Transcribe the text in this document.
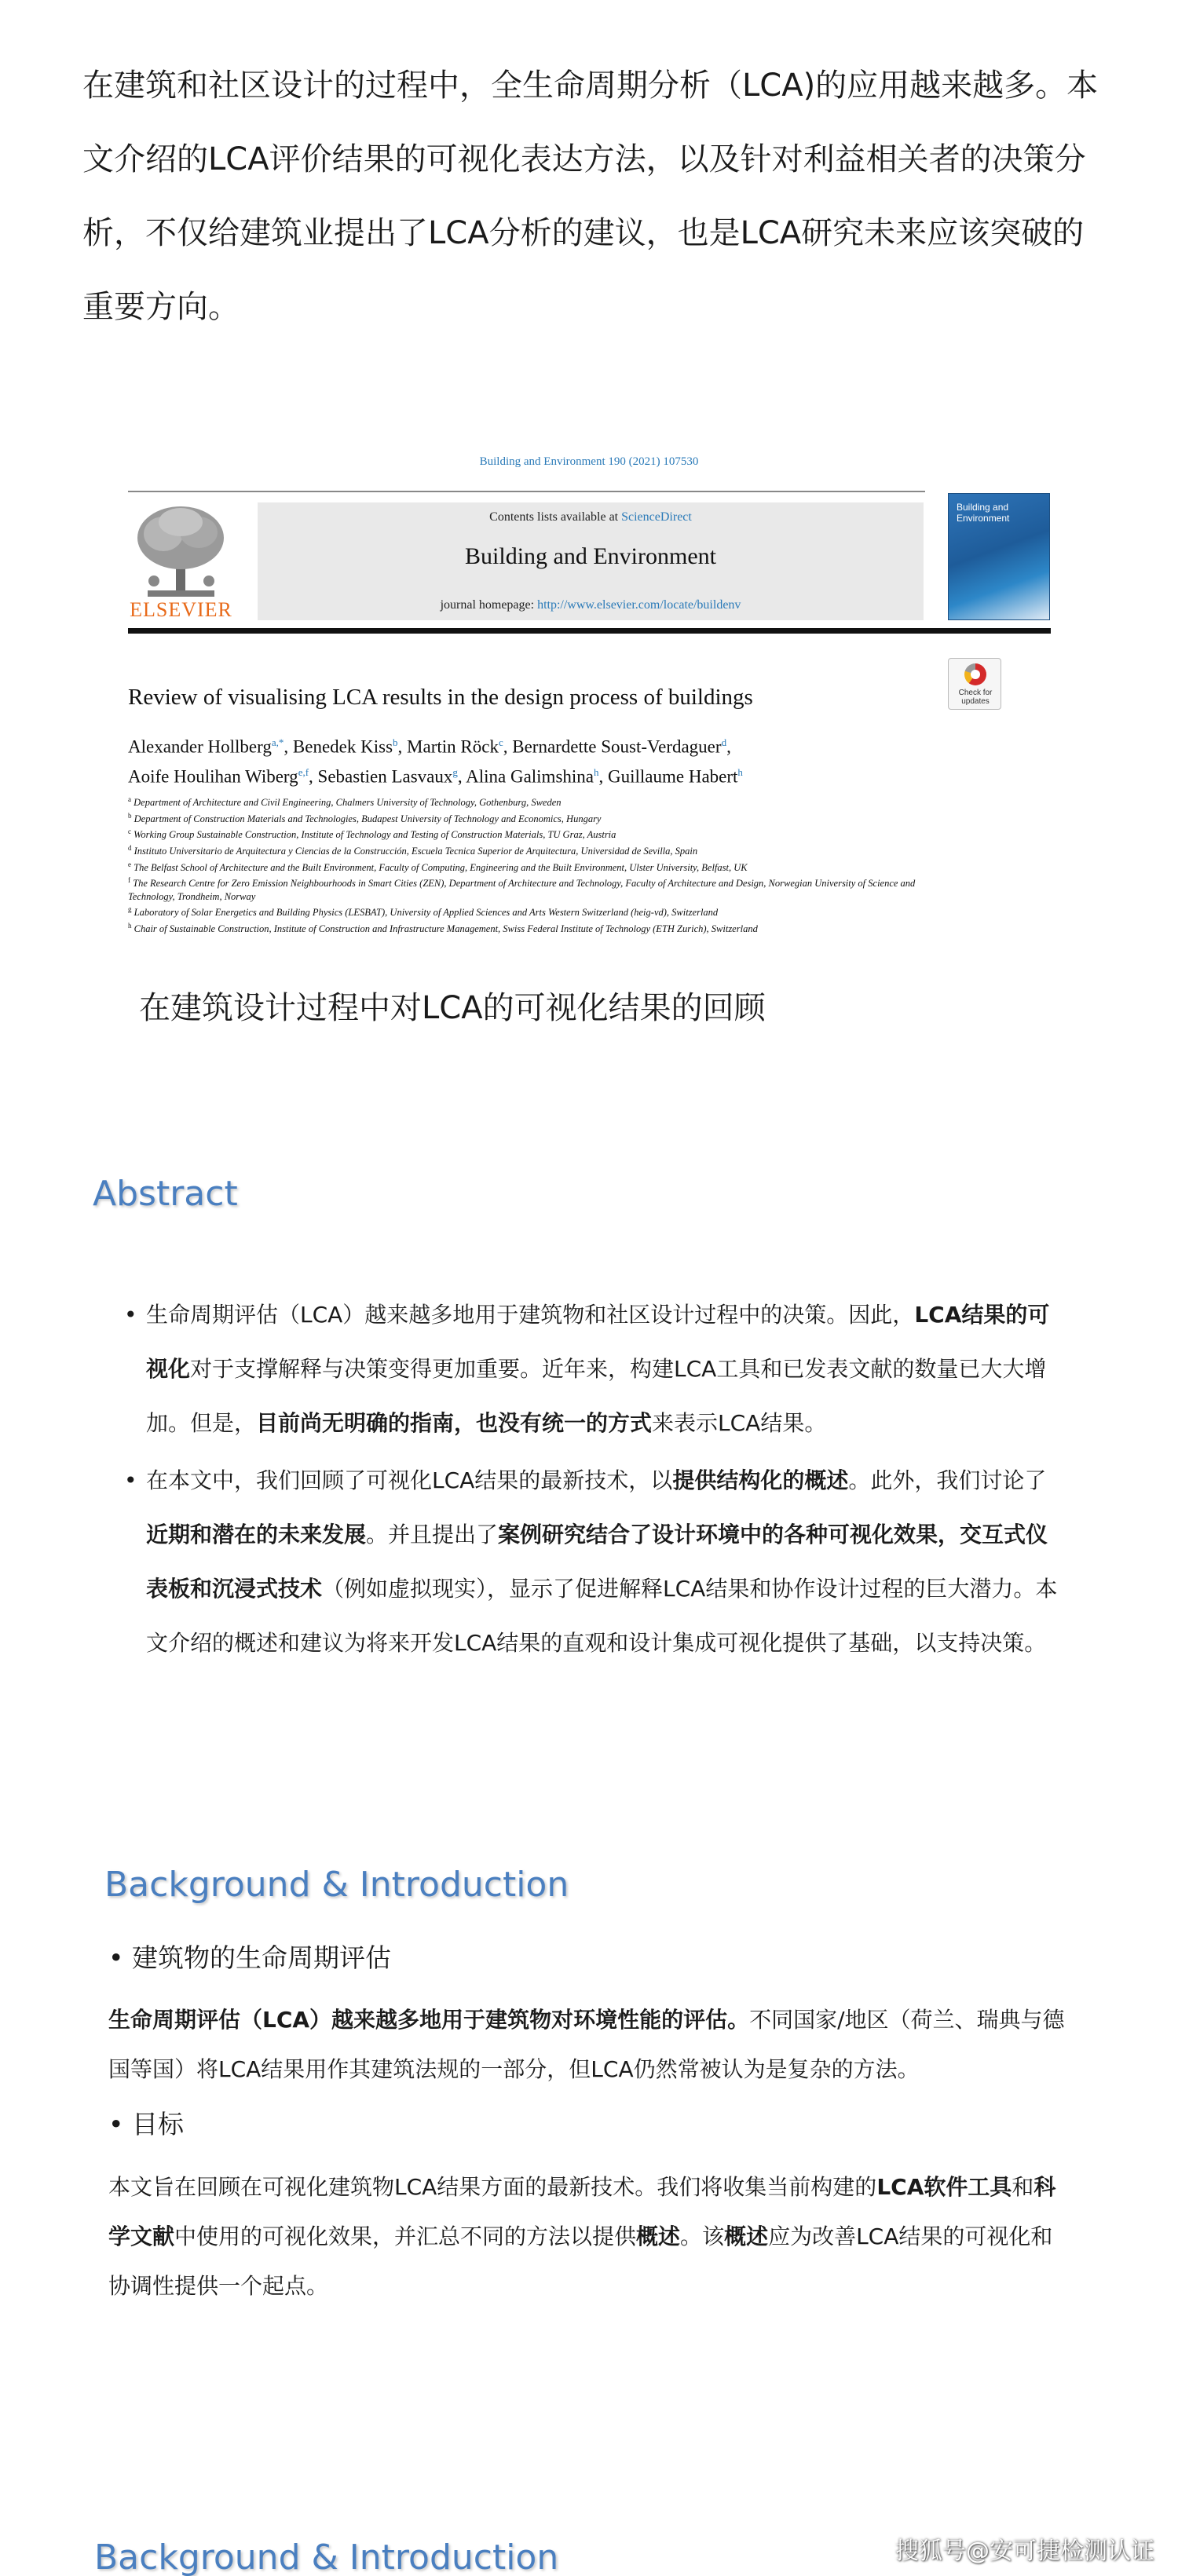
在建筑和社区设计的过程中，全生命周期分析（LCA)的应用越来越多。本文介绍的LCA评价结果的可视化表达方法，以及针对利益相关者的决策分析，不仅给建筑业提出了LCA分析的建议，也是LCA研究未来应该突破的重要方向。
Building and Environment 190 (2021) 107530
ELSEVIER
Contents lists available at ScienceDirect
Building and Environment
journal homepage: http://www.elsevier.com/locate/buildenv
Building and Environment
Review of visualising LCA results in the design process of buildings	Check for updates
Alexander Hollberg$^{a,*}$, Benedek Kiss$^b$, Martin Röck$^c$, Bernardette Soust-Verdaguer$^d$,
Aoife Houlihan Wiberg$^{e,f}$, Sebastien Lasvaux$^g$, Alina Galimshina$^h$, Guillaume Habert$^h$
$^a$ Department of Architecture and Civil Engineering, Chalmers University of Technology, Gothenburg, Sweden
$^b$ Department of Construction Materials and Technologies, Budapest University of Technology and Economics, Hungary
$^c$ Working Group Sustainable Construction, Institute of Technology and Testing of Construction Materials, TU Graz, Austria
$^d$ Instituto Universitario de Arquitectura y Ciencias de la Construcción, Escuela Tecnica Superior de Arquitectura, Universidad de Sevilla, Spain
$^e$ The Belfast School of Architecture and the Built Environment, Faculty of Computing, Engineering and the Built Environment, Ulster University, Belfast, UK
$^f$ The Research Centre for Zero Emission Neighbourhoods in Smart Cities (ZEN), Department of Architecture and Technology, Faculty of Architecture and Design, Norwegian University of Science and Technology, Trondheim, Norway
$^g$ Laboratory of Solar Energetics and Building Physics (LESBAT), University of Applied Sciences and Arts Western Switzerland (heig-vd), Switzerland
$^h$ Chair of Sustainable Construction, Institute of Construction and Infrastructure Management, Swiss Federal Institute of Technology (ETH Zurich), Switzerland
在建筑设计过程中对LCA的可视化结果的回顾
Abstract
• 生命周期评估（LCA）越来越多地用于建筑物和社区设计过程中的决策。因此，LCA结果的可视化对于支撑解释与决策变得更加重要。近年来，构建LCA工具和已发表文献的数量已大大增加。但是，目前尚无明确的指南，也没有统一的方式来表示LCA结果。
• 在本文中，我们回顾了可视化LCA结果的最新技术，以提供结构化的概述。此外，我们讨论了近期和潜在的未来发展。并且提出了案例研究结合了设计环境中的各种可视化效果，交互式仪表板和沉浸式技术（例如虚拟现实），显示了促进解释LCA结果和协作设计过程的巨大潜力。本文介绍的概述和建议为将来开发LCA结果的直观和设计集成可视化提供了基础，以支持决策。
Background & Introduction
• 建筑物的生命周期评估
生命周期评估（LCA）越来越多地用于建筑物对环境性能的评估。不同国家/地区（荷兰、瑞典与德国等国）将LCA结果用作其建筑法规的一部分，但LCA仍然常被认为是复杂的方法。
• 目标
本文旨在回顾在可视化建筑物LCA结果方面的最新技术。我们将收集当前构建的LCA软件工具和科学文献中使用的可视化效果，并汇总不同的方法以提供概述。该概述应为改善LCA结果的可视化和协调性提供一个起点。
Background & Introduction	搜狐号@安可捷检测认证
